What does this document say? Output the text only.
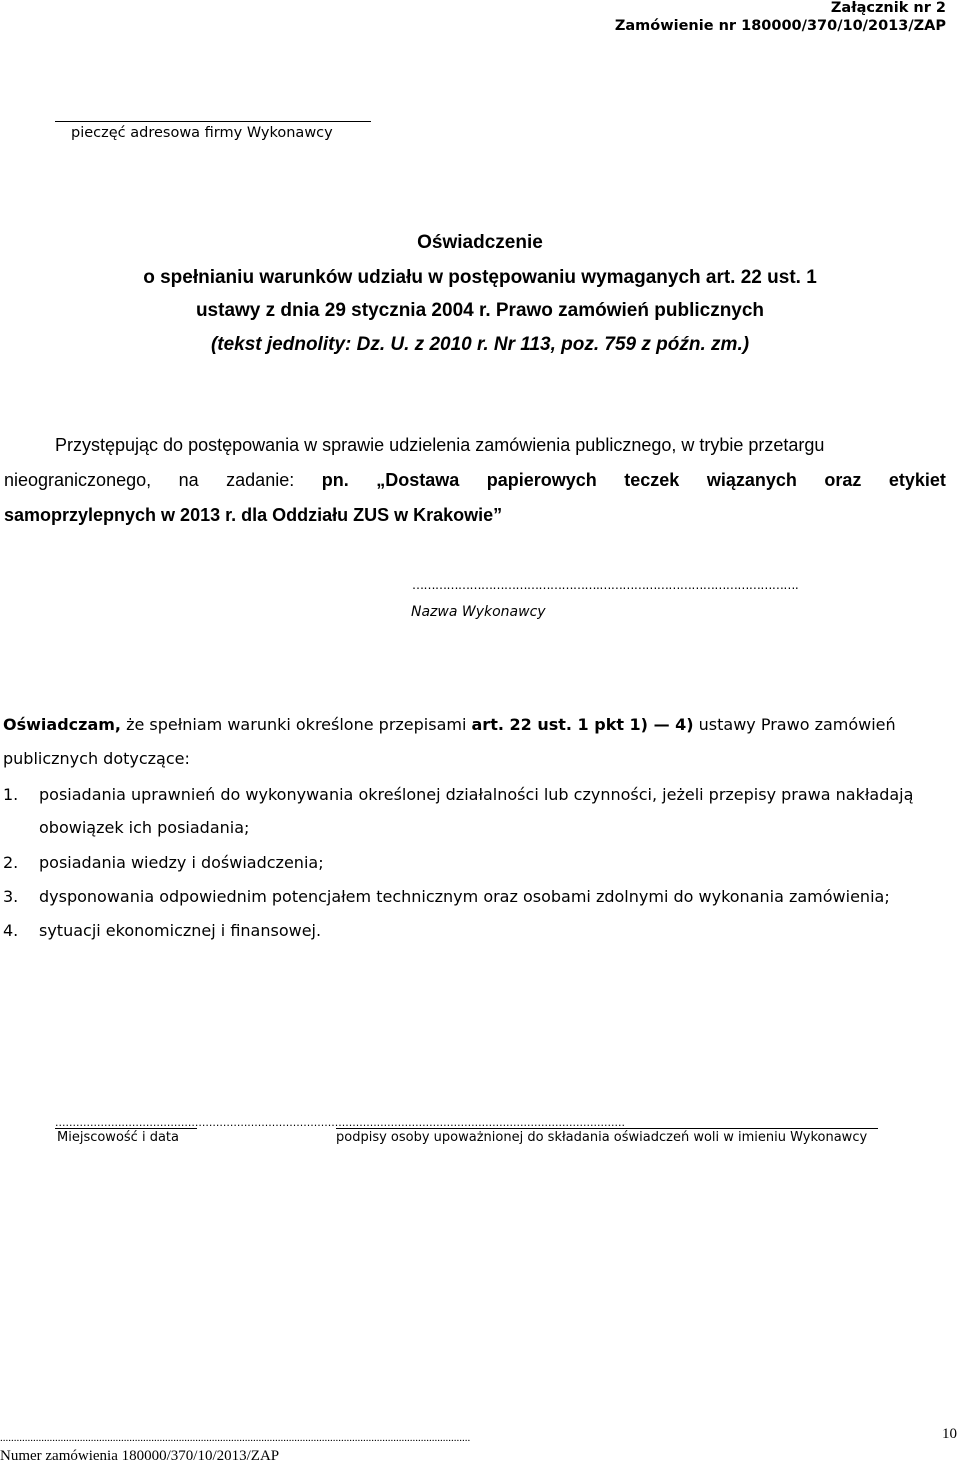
Załącznik nr 2
Zamówienie nr 180000/370/10/2013/ZAP
pieczęć adresowa firmy Wykonawcy
Oświadczenie
o spełnianiu warunków udziału w postępowaniu wymaganych art. 22 ust. 1
ustawy z dnia 29 stycznia 2004 r. Prawo zamówień publicznych
(tekst jednolity: Dz. U. z 2010 r. Nr 113, poz. 759 z późn. zm.)
Przystępując do postępowania w sprawie udzielenia zamówienia publicznego, w trybie przetargu
nieograniczonego, na zadanie: pn. „Dostawa papierowych teczek wiązanych oraz etykiet
samoprzylepnych w 2013 r. dla Oddziału ZUS w Krakowie”
………………………………………….…………………………………………….
Nazwa Wykonawcy
Oświadczam, że spełniam warunki określone przepisami art. 22 ust. 1 pkt 1) — 4) ustawy Prawo zamówień
publicznych dotyczące:
1. posiadania uprawnień do wykonywania określonej działalności lub czynności, jeżeli przepisy prawa nakładają
obowiązek ich posiadania;
2. posiadania wiedzy i doświadczenia;
3. dysponowania odpowiednim potencjałem technicznym oraz osobami zdolnymi do wykonania zamówienia;
4. sytuacji ekonomicznej i finansowej.
...................................................................................................................................................................
Miejscowość i data	podpisy osoby upoważnionej do składania oświadczeń woli w imieniu Wykonawcy
...........................................................................................................................................................................	10
Numer zamówienia 180000/370/10/2013/ZAP
